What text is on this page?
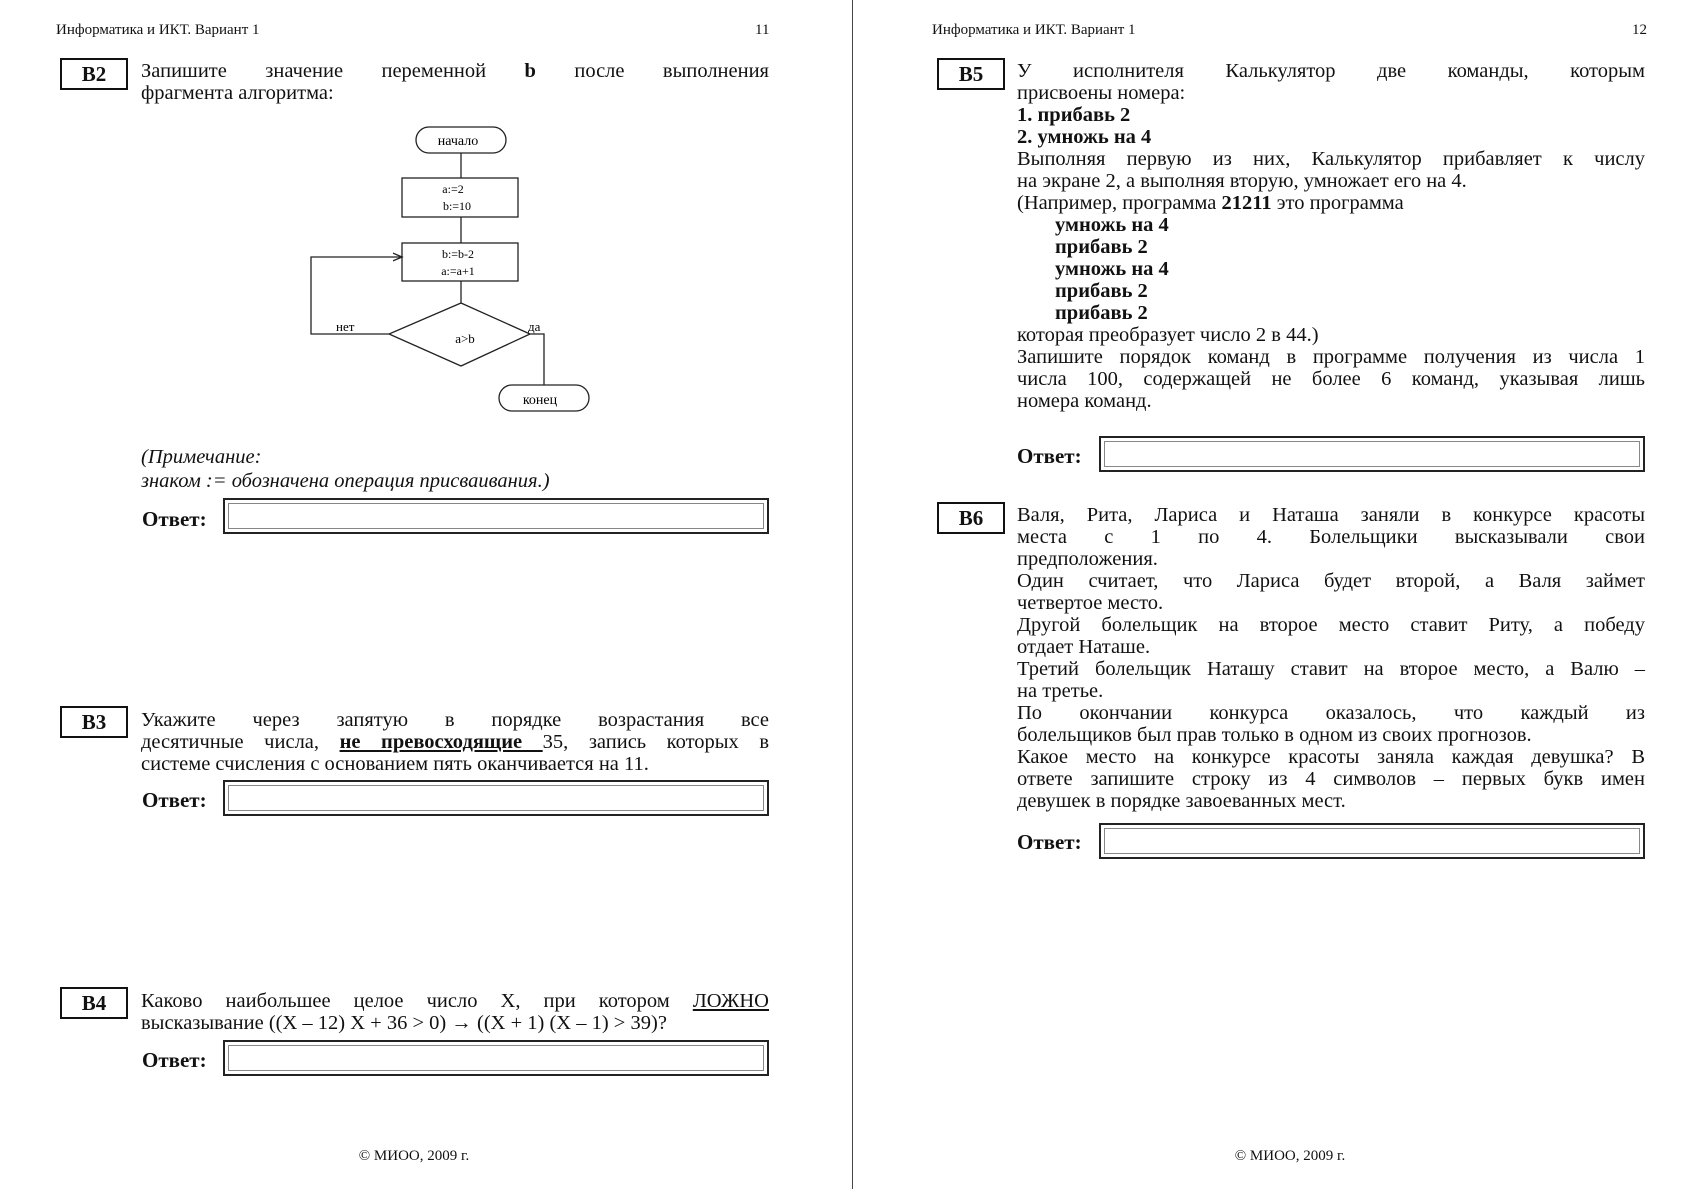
Информатика и ИКТ. Вариант 1	11
B2	Запишите значение переменной b после выполнения

фрагмента алгоритма:

начало
a:=2
b:=10
b:=b-2
a:=a+1
a>b
нет	да
конец

(Примечание:

знаком := обозначена операция присваивания.)

Ответ:
B3	Укажите через запятую в порядке возрастания все

десятичные числа, не превосходящие 35, запись которых в

системе счисления с основанием пять оканчивается на 11.

Ответ:
B4	Каково наибольшее целое число X, при котором ЛОЖНО

высказывание ((X – 12) X + 36 > 0) → ((X + 1) (X – 1) > 39)?

Ответ:
© МИОО, 2009 г.
Информатика и ИКТ. Вариант 1	12
B5	У исполнителя Калькулятор две команды, которым

присвоены номера:

1. прибавь 2

2. умножь на 4

Выполняя первую из них, Калькулятор прибавляет к числу

на экране 2, а выполняя вторую, умножает его на 4.

(Например, программа 21211 это программа

умножь на 4

прибавь 2

умножь на 4

прибавь 2

прибавь 2

которая преобразует число 2 в 44.)

Запишите порядок команд в программе получения из числа 1

числа 100, содержащей не более 6 команд, указывая лишь

номера команд.

Ответ:
B6	Валя, Рита, Лариса и Наташа заняли в конкурсе красоты

места с 1 по 4. Болельщики высказывали свои

предположения.

Один считает, что Лариса будет второй, а Валя займет

четвертое место.

Другой болельщик на второе место ставит Риту, а победу

отдает Наташе.

Третий болельщик Наташу ставит на второе место, а Валю –

на третье.

По окончании конкурса оказалось, что каждый из

болельщиков был прав только в одном из своих прогнозов.

Какое место на конкурсе красоты заняла каждая девушка? В

ответе запишите строку из 4 символов – первых букв имен

девушек в порядке завоеванных мест.

Ответ:
© МИОО, 2009 г.
